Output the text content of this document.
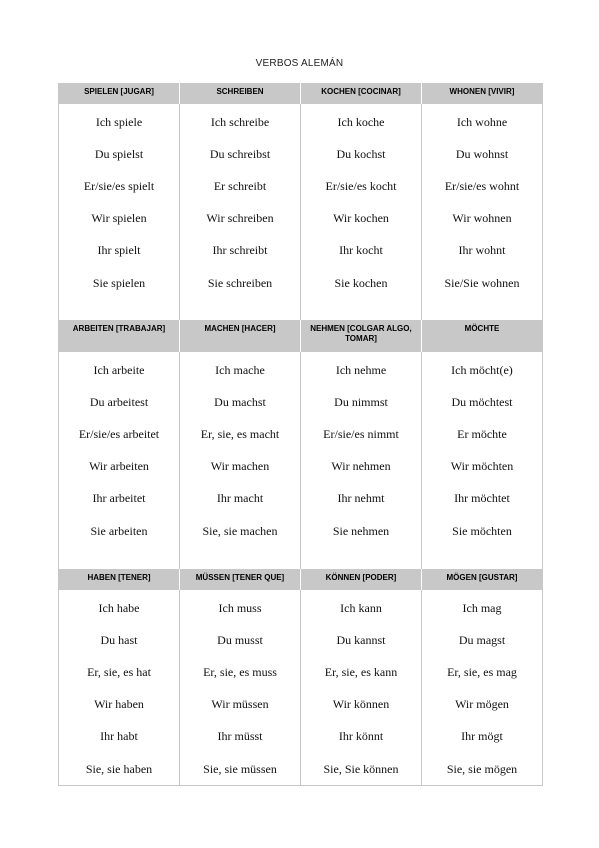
VERBOS ALEMÁN
SPIELEN [JUGAR]	SCHREIBEN	KOCHEN [COCINAR]	WHONEN [VIVIR]
Ich spiele	Ich schreibe	Ich koche	Ich wohne
Du spielst	Du schreibst	Du kochst	Du wohnst
Er/sie/es spielt	Er schreibt	Er/sie/es kocht	Er/sie/es wohnt
Wir spielen	Wir schreiben	Wir kochen	Wir wohnen
Ihr spielt	Ihr schreibt	Ihr kocht	Ihr wohnt
Sie spielen	Sie schreiben	Sie kochen	Sie/Sie wohnen

ARBEITEN [TRABAJAR]	MACHEN [HACER]	NEHMEN [COLGAR ALGO, TOMAR]	MÖCHTE
Ich arbeite	Ich mache	Ich nehme	Ich möcht(e)
Du arbeitest	Du machst	Du nimmst	Du möchtest
Er/sie/es arbeitet	Er, sie, es macht	Er/sie/es nimmt	Er möchte
Wir arbeiten	Wir machen	Wir nehmen	Wir möchten
Ihr arbeitet	Ihr macht	Ihr nehmt	Ihr möchtet
Sie arbeiten	Sie, sie machen	Sie nehmen	Sie möchten

HABEN [TENER]	MÜSSEN [TENER QUE]	KÖNNEN [PODER]	MÖGEN [GUSTAR]
Ich habe	Ich muss	Ich kann	Ich mag
Du hast	Du musst	Du kannst	Du magst
Er, sie, es hat	Er, sie, es muss	Er, sie, es kann	Er, sie, es mag
Wir haben	Wir müssen	Wir können	Wir mögen
Ihr habt	Ihr müsst	Ihr könnt	Ihr mögt
Sie, sie haben	Sie, sie müssen	Sie, Sie können	Sie, sie mögen
